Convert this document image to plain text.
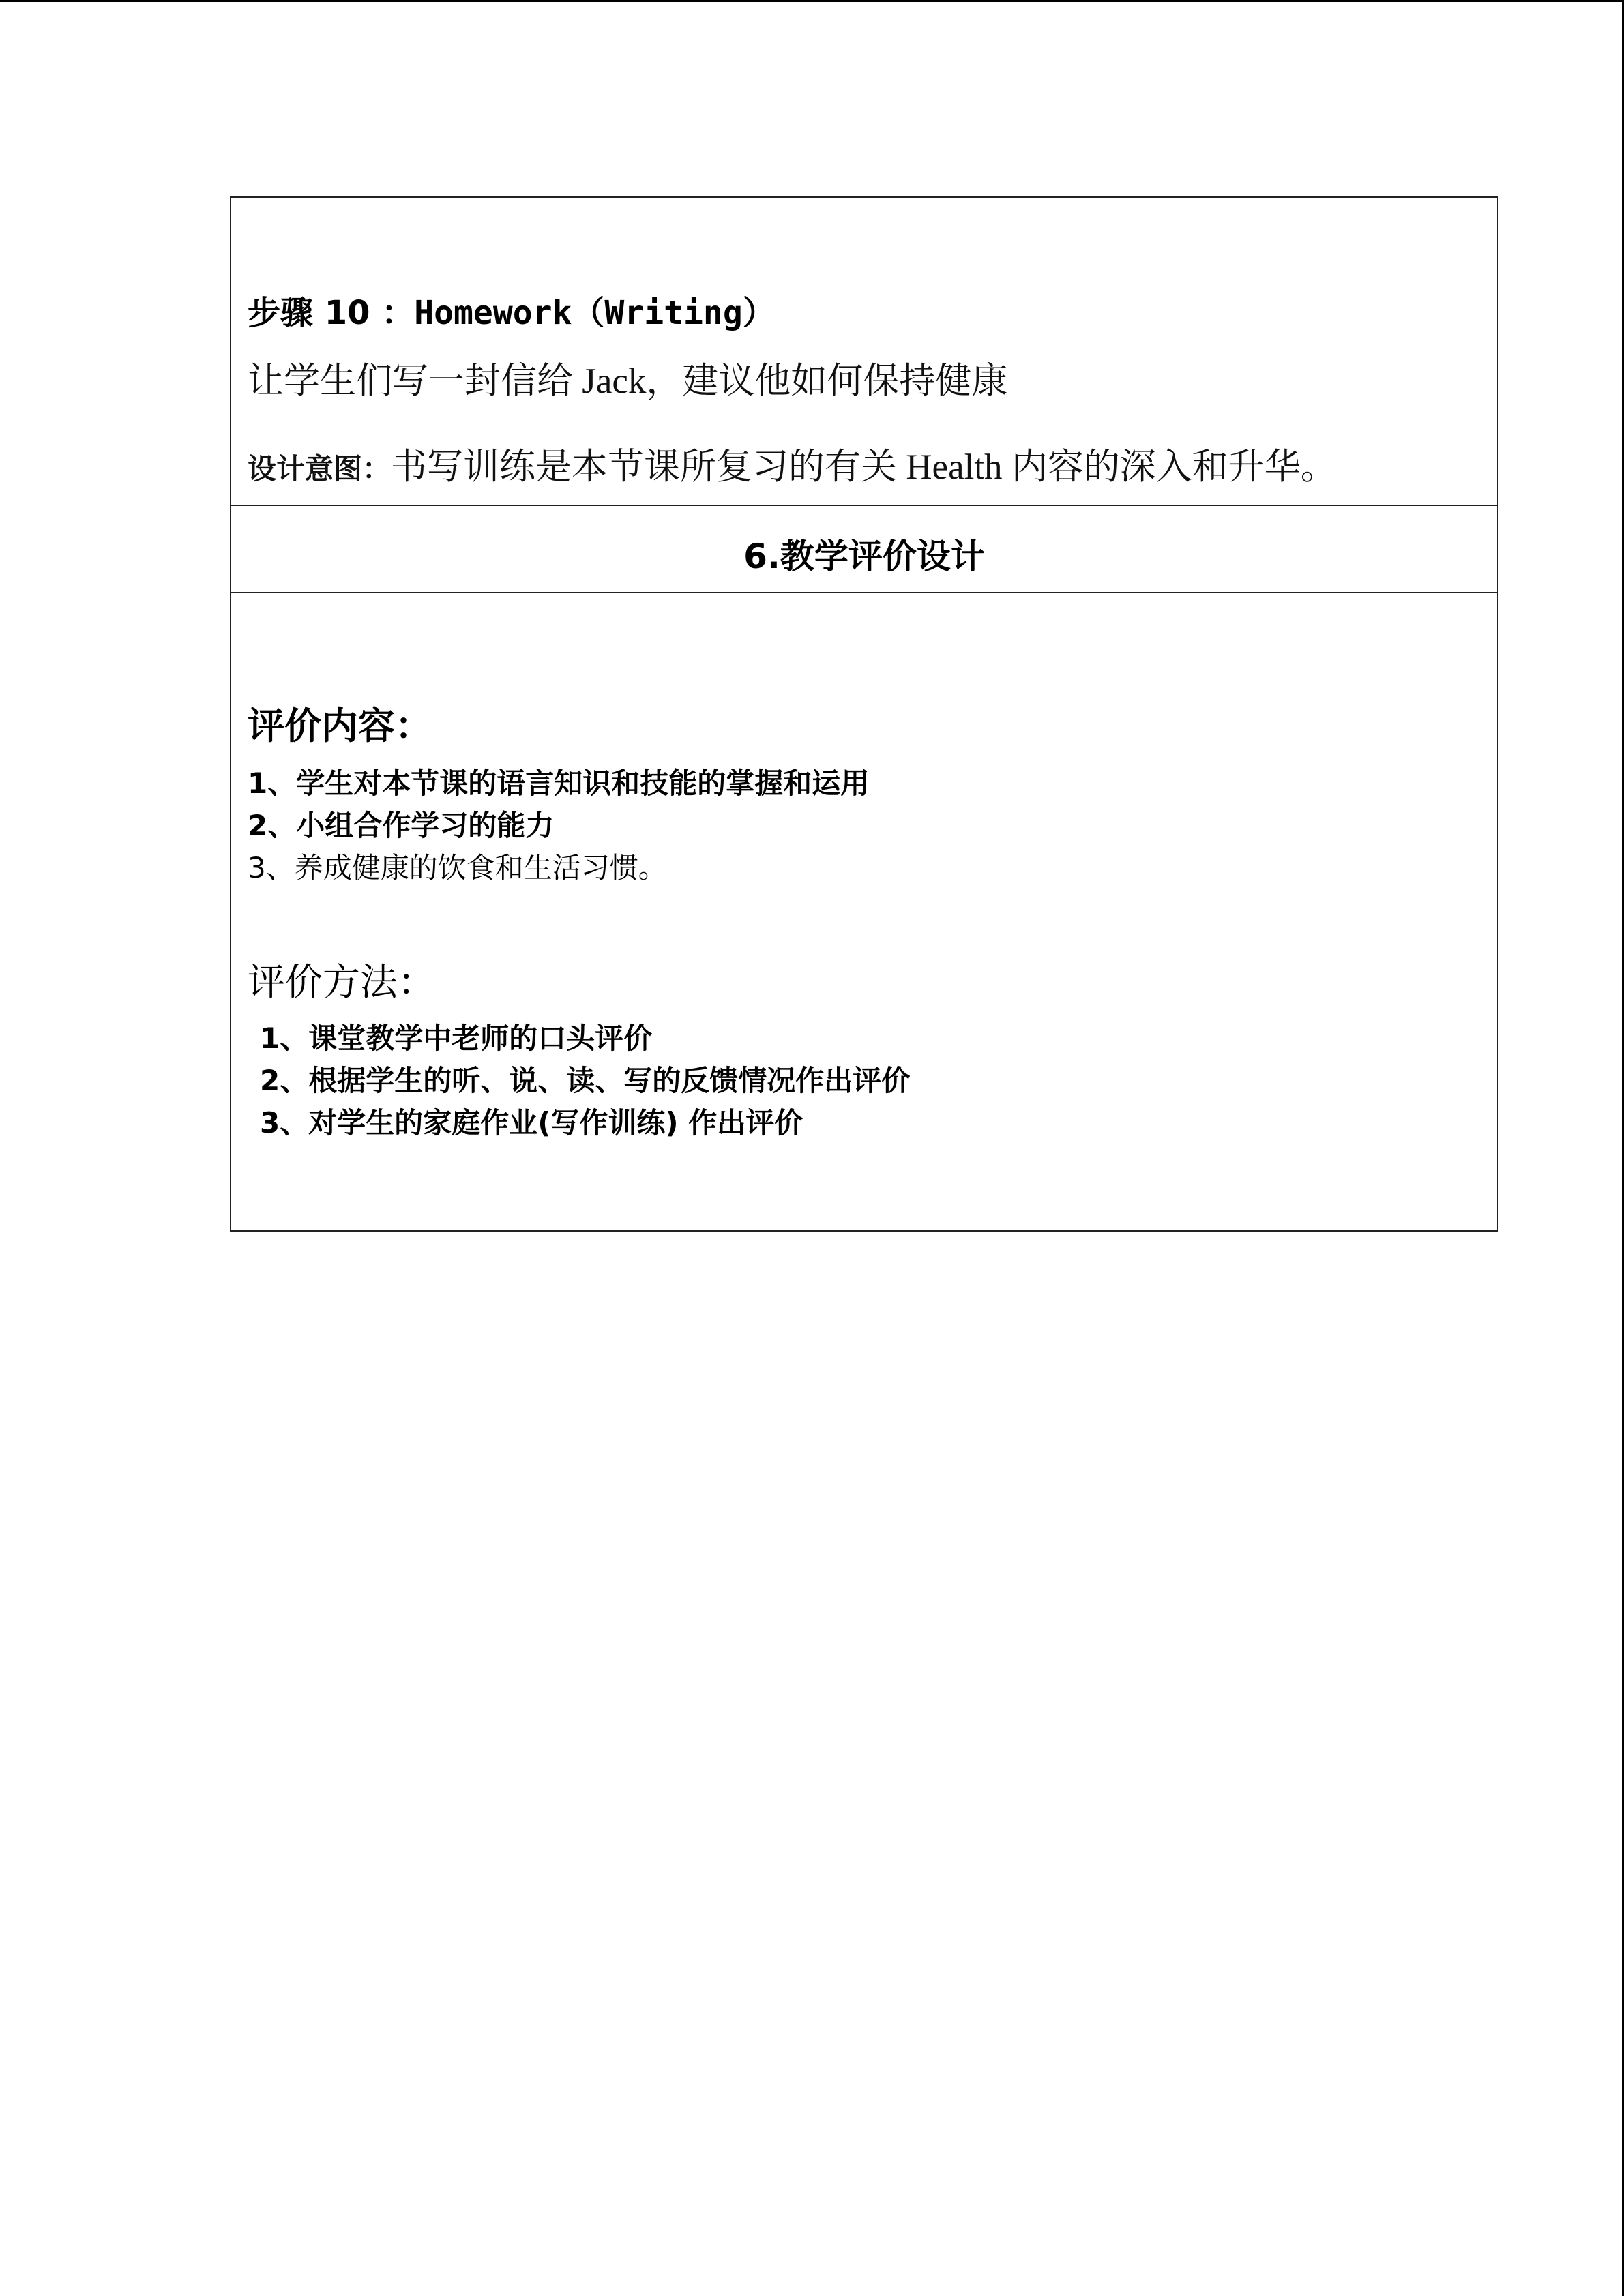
步骤 10 ：Homework（Writing）
让学生们写一封信给 Jack，建议他如何保持健康
设计意图：书写训练是本节课所复习的有关 Health 内容的深入和升华。
6.教学评价设计
评价内容：
1、学生对本节课的语言知识和技能的掌握和运用
2、小组合作学习的能力
3、养成健康的饮食和生活习惯。
评价方法：
1、课堂教学中老师的口头评价
2、根据学生的听、说、读、写的反馈情况作出评价
3、对学生的家庭作业(写作训练) 作出评价
